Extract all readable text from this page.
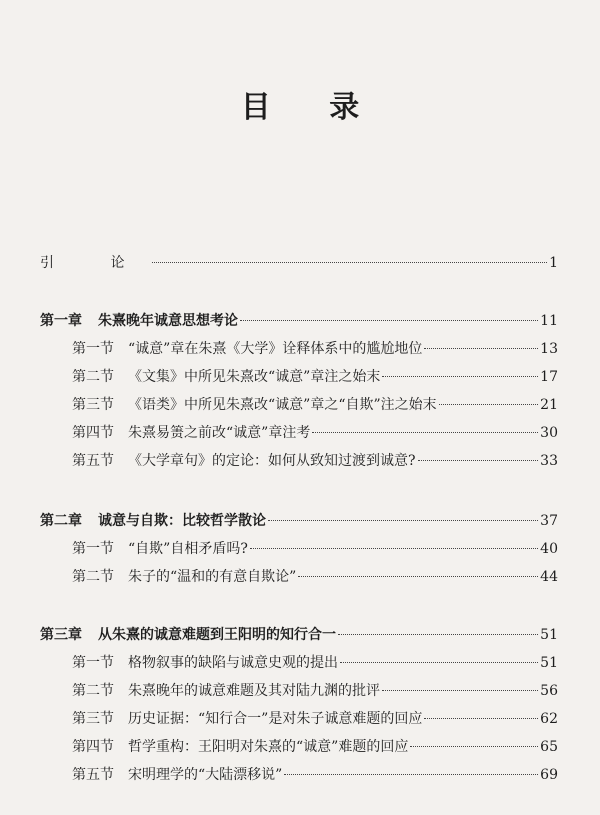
目 录
引 论	1
第一章 朱熹晚年诚意思想考论	11
第一节 “诚意”章在朱熹《大学》诠释体系中的尴尬地位	13
第二节 《文集》中所见朱熹改“诚意”章注之始末	17
第三节 《语类》中所见朱熹改“诚意”章之“自欺”注之始末	21
第四节 朱熹易箦之前改“诚意”章注考	30
第五节 《大学章句》的定论：如何从致知过渡到诚意?	33
第二章 诚意与自欺：比较哲学散论	37
第一节 “自欺”自相矛盾吗?	40
第二节 朱子的“温和的有意自欺论”	44
第三章 从朱熹的诚意难题到王阳明的知行合一	51
第一节 格物叙事的缺陷与诚意史观的提出	51
第二节 朱熹晚年的诚意难题及其对陆九渊的批评	56
第三节 历史证据：“知行合一”是对朱子诚意难题的回应	62
第四节 哲学重构：王阳明对朱熹的“诚意”难题的回应	65
第五节 宋明理学的“大陆漂移说”	69
